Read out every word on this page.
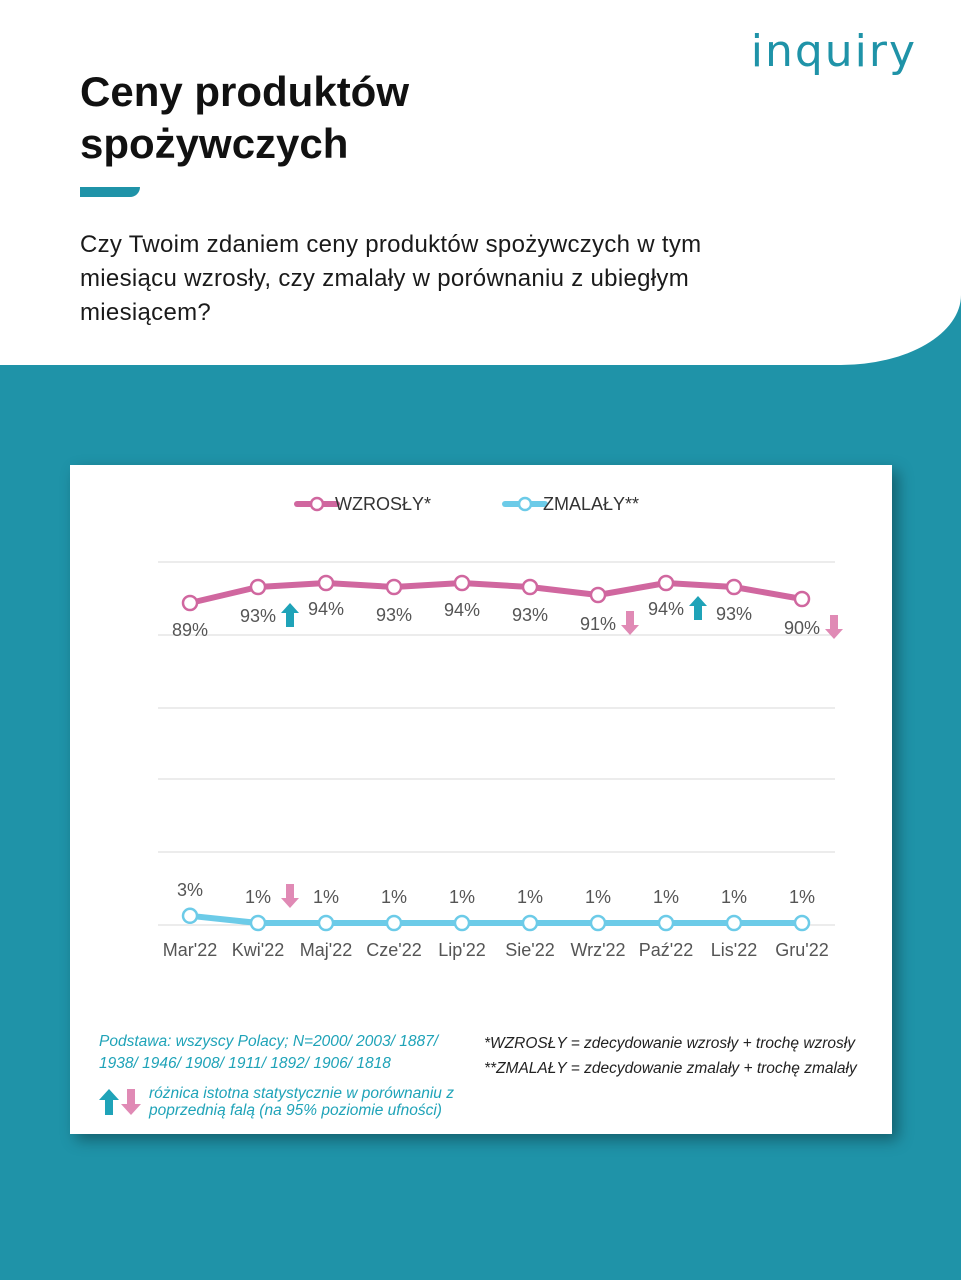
inquiry
Ceny produktów spożywczych
Czy Twoim zdaniem ceny produktów spożywczych w tym miesiącu wzrosły, czy zmalały w porównaniu z ubiegłym miesiącem?
WZROSŁY*	ZMALAŁY**
89%
93% 94% 93% 94% 93% 91%
94% 93%
90%
3% 1% 1% 1% 1% 1% 1% 1% 1% 1%
Mar'22 Kwi'22 Maj'22 Cze'22 Lip'22 Sie'22 Wrz'22 Paź'22 Lis'22 Gru'22
Podstawa: wszyscy Polacy; N=2000/ 2003/ 1887/ 1938/ 1946/ 1908/ 1911/ 1892/ 1906/ 1818
*WZROSŁY = zdecydowanie wzrosły + trochę wzrosły
**ZMALAŁY = zdecydowanie zmalały + trochę zmalały
różnica istotna statystycznie w porównaniu z poprzednią falą (na 95% poziomie ufności)
